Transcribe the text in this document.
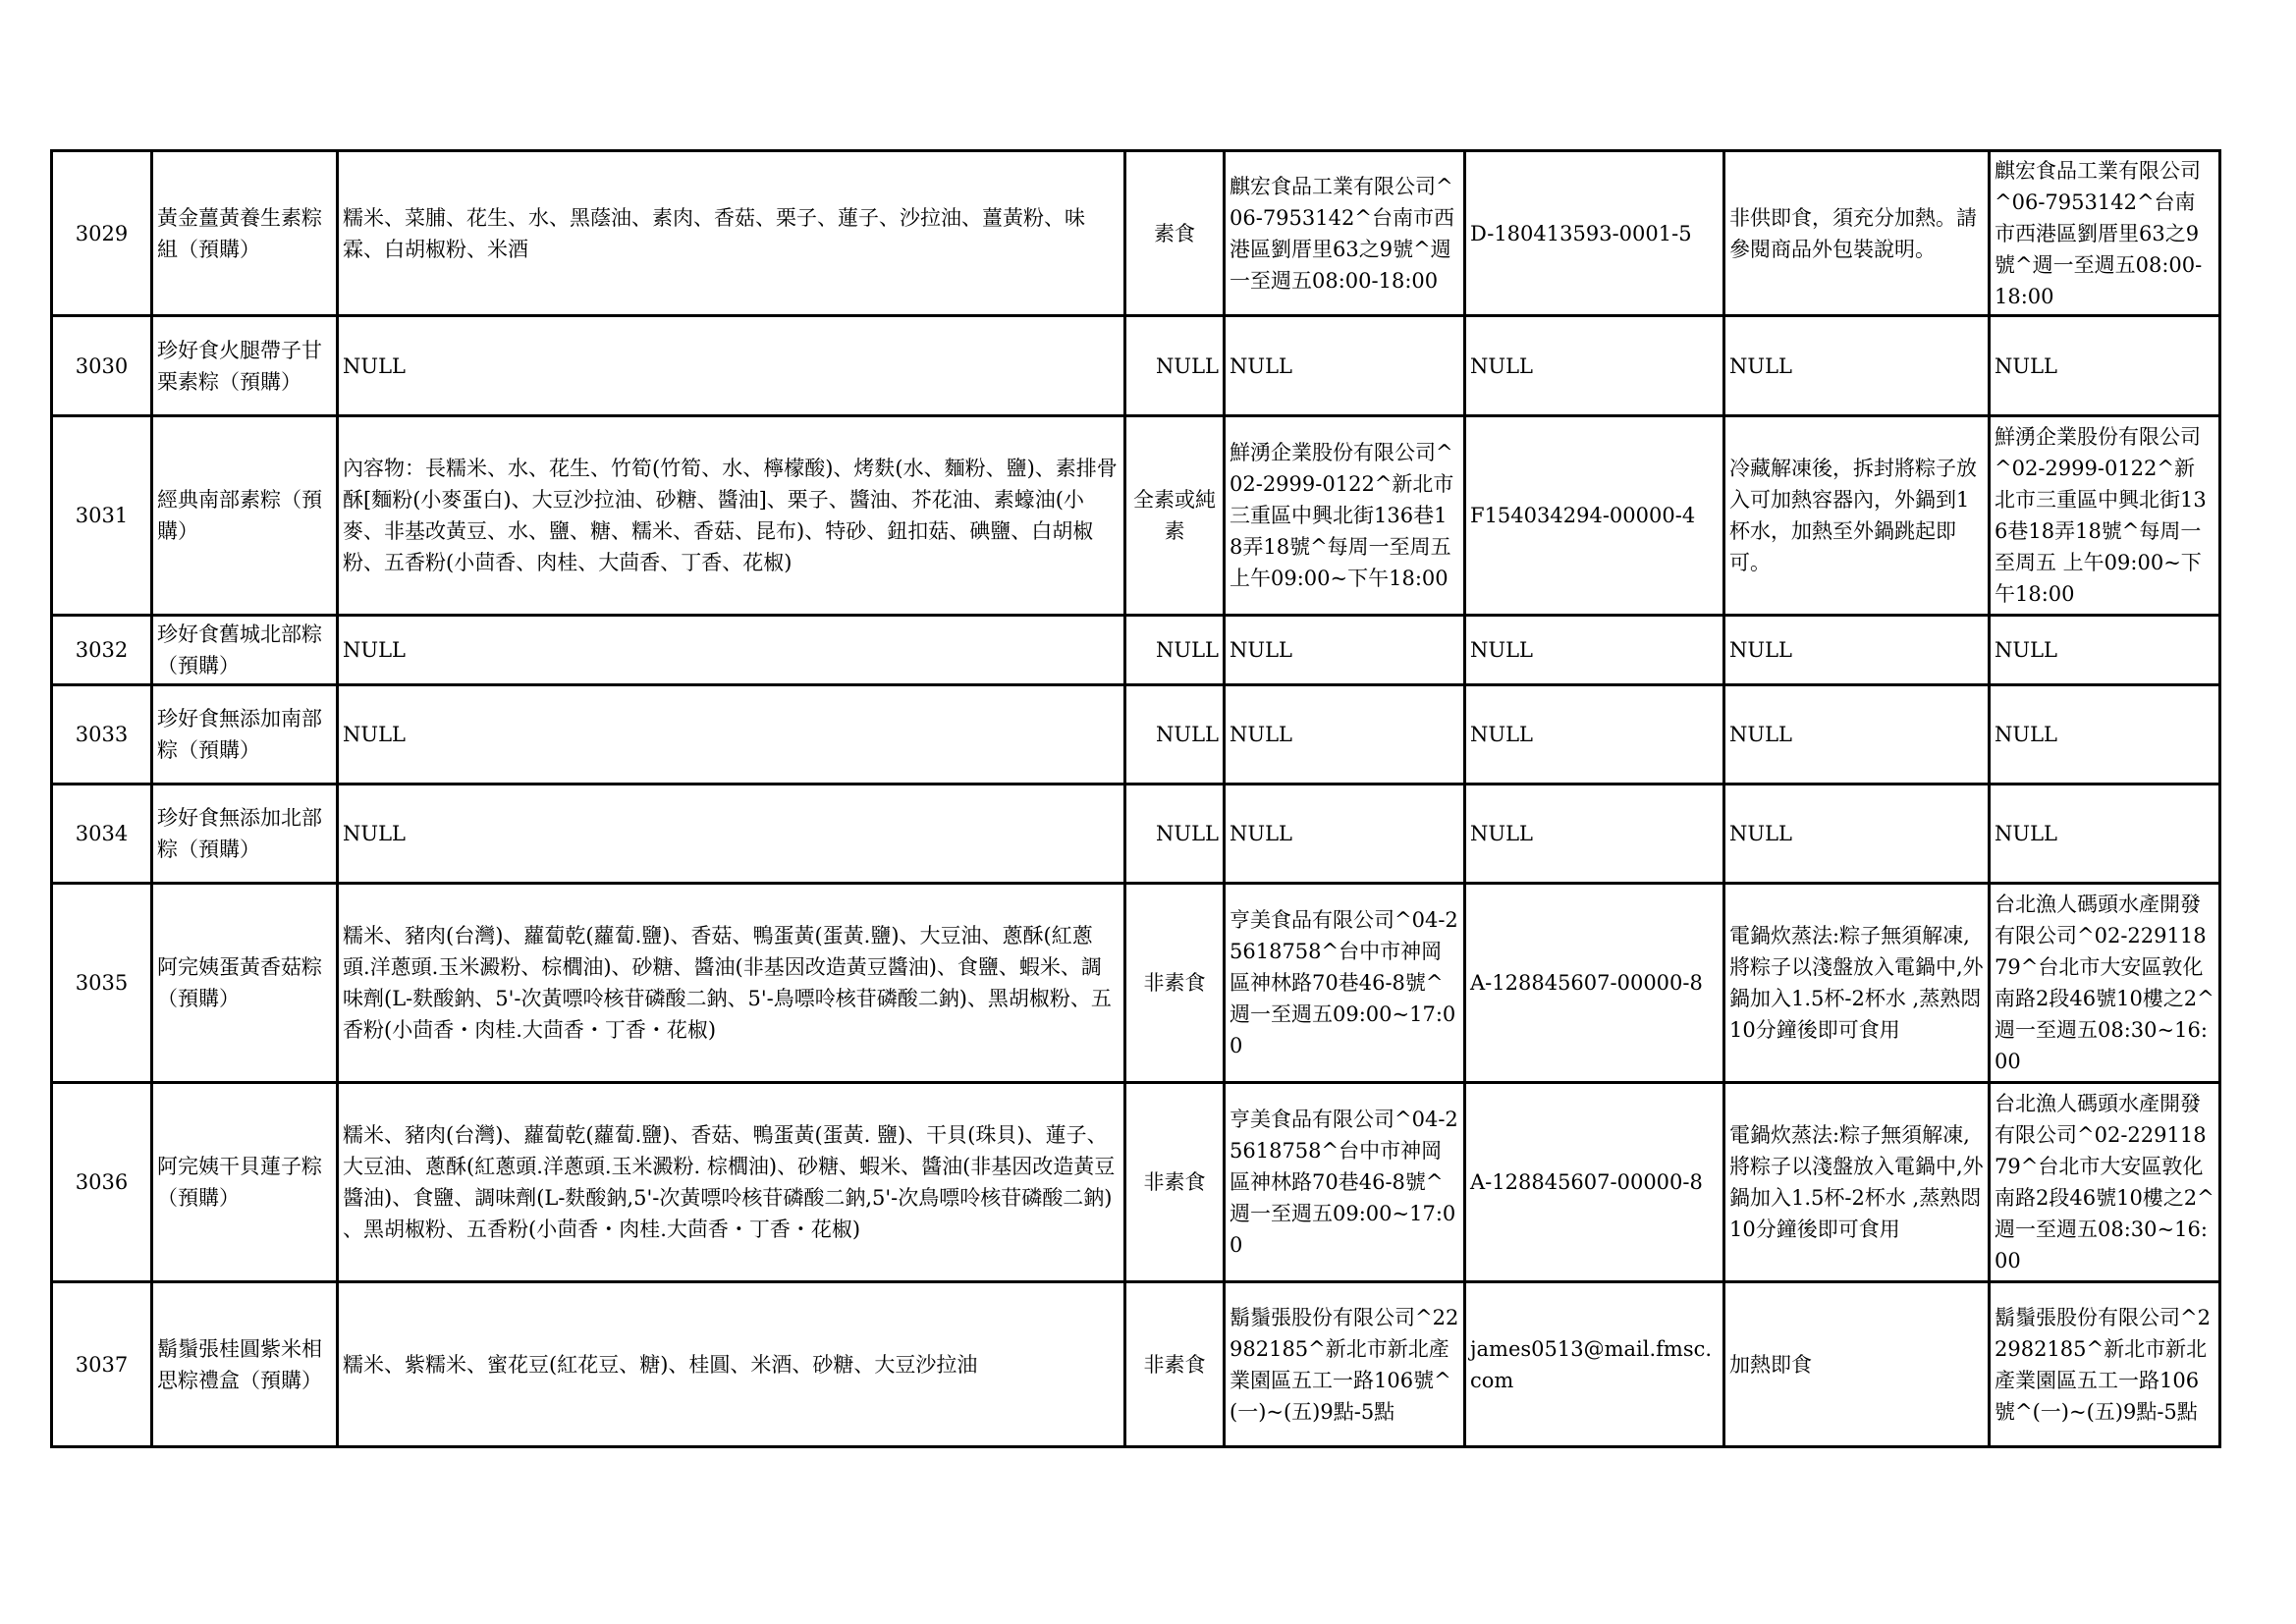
3029	黃金薑黃養生素粽組（預購）	糯米、菜脯、花生、水、黑蔭油、素肉、香菇、栗子、蓮子、沙拉油、薑黃粉、味霖、白胡椒粉、米酒	素食	麒宏食品工業有限公司^06-7953142^台南市西港區劉厝里63之9號^週一至週五08:00-18:00	D-180413593-0001-5	非供即食，須充分加熱。請參閱商品外包裝說明。	麒宏食品工業有限公司^06-7953142^台南市西港區劉厝里63之9號^週一至週五08:00-18:00
3030	珍好食火腿帶子甘栗素粽（預購）	NULL	NULL	NULL	NULL	NULL	NULL
3031	經典南部素粽（預購）	內容物：長糯米、水、花生、竹筍(竹筍、水、檸檬酸)、烤麩(水、麵粉、鹽)、素排骨酥[麵粉(小麥蛋白)、大豆沙拉油、砂糖、醬油]、栗子、醬油、芥花油、素蠔油(小麥、非基改黃豆、水、鹽、糖、糯米、香菇、昆布)、特砂、鈕扣菇、碘鹽、白胡椒粉、五香粉(小茴香、肉桂、大茴香、丁香、花椒)	全素或純素	鮮湧企業股份有限公司^02-2999-0122^新北市三重區中興北街136巷18弄18號^每周一至周五 上午09:00~下午18:00	F154034294-00000-4	冷藏解凍後，拆封將粽子放入可加熱容器內，外鍋到1杯水，加熱至外鍋跳起即可。	鮮湧企業股份有限公司^02-2999-0122^新北市三重區中興北街136巷18弄18號^每周一至周五 上午09:00~下午18:00
3032	珍好食舊城北部粽（預購）	NULL	NULL	NULL	NULL	NULL	NULL
3033	珍好食無添加南部粽（預購）	NULL	NULL	NULL	NULL	NULL	NULL
3034	珍好食無添加北部粽（預購）	NULL	NULL	NULL	NULL	NULL	NULL
3035	阿完姨蛋黃香菇粽（預購）	糯米、豬肉(台灣)、蘿蔔乾(蘿蔔.鹽)、香菇、鴨蛋黃(蛋黃.鹽)、大豆油、蔥酥(紅蔥頭.洋蔥頭.玉米澱粉、棕櫚油)、砂糖、醬油(非基因改造黃豆醬油)、食鹽、蝦米、調味劑(L-麩酸鈉、5'-次黃嘌呤核苷磷酸二鈉、5'-鳥嘌呤核苷磷酸二鈉)、黑胡椒粉、五香粉(小茴香・肉桂.大茴香・丁香・花椒)	非素食	亨美食品有限公司^04-25618758^台中市神岡區神林路70巷46-8號^週一至週五09:00~17:00	A-128845607-00000-8	電鍋炊蒸法:粽子無須解凍,將粽子以淺盤放入電鍋中,外鍋加入1.5杯-2杯水 ,蒸熟悶10分鐘後即可食用	台北漁人碼頭水產開發有限公司^02-22911879^台北市大安區敦化南路2段46號10樓之2^週一至週五08:30~16:00
3036	阿完姨干貝蓮子粽（預購）	糯米、豬肉(台灣)、蘿蔔乾(蘿蔔.鹽)、香菇、鴨蛋黃(蛋黃. 鹽)、干貝(珠貝)、蓮子、大豆油、蔥酥(紅蔥頭.洋蔥頭.玉米澱粉. 棕櫚油)、砂糖、蝦米、醬油(非基因改造黃豆醬油)、食鹽、調味劑(L-麩酸鈉,5'-次黃嘌呤核苷磷酸二鈉,5'-次鳥嘌呤核苷磷酸二鈉) 、黑胡椒粉、五香粉(小茴香・肉桂.大茴香・丁香・花椒)	非素食	亨美食品有限公司^04-25618758^台中市神岡區神林路70巷46-8號^週一至週五09:00~17:00	A-128845607-00000-8	電鍋炊蒸法:粽子無須解凍,將粽子以淺盤放入電鍋中,外鍋加入1.5杯-2杯水 ,蒸熟悶10分鐘後即可食用	台北漁人碼頭水產開發有限公司^02-22911879^台北市大安區敦化南路2段46號10樓之2^週一至週五08:30~16:00
3037	鬍鬚張桂圓紫米相思粽禮盒（預購）	糯米、紫糯米、蜜花豆(紅花豆、糖)、桂圓、米酒、砂糖、大豆沙拉油	非素食	鬍鬚張股份有限公司^22982185^新北市新北產業園區五工一路106號^(一)~(五)9點-5點	james0513@mail.fmsc.com	加熱即食	鬍鬚張股份有限公司^22982185^新北市新北產業園區五工一路106號^(一)~(五)9點-5點
